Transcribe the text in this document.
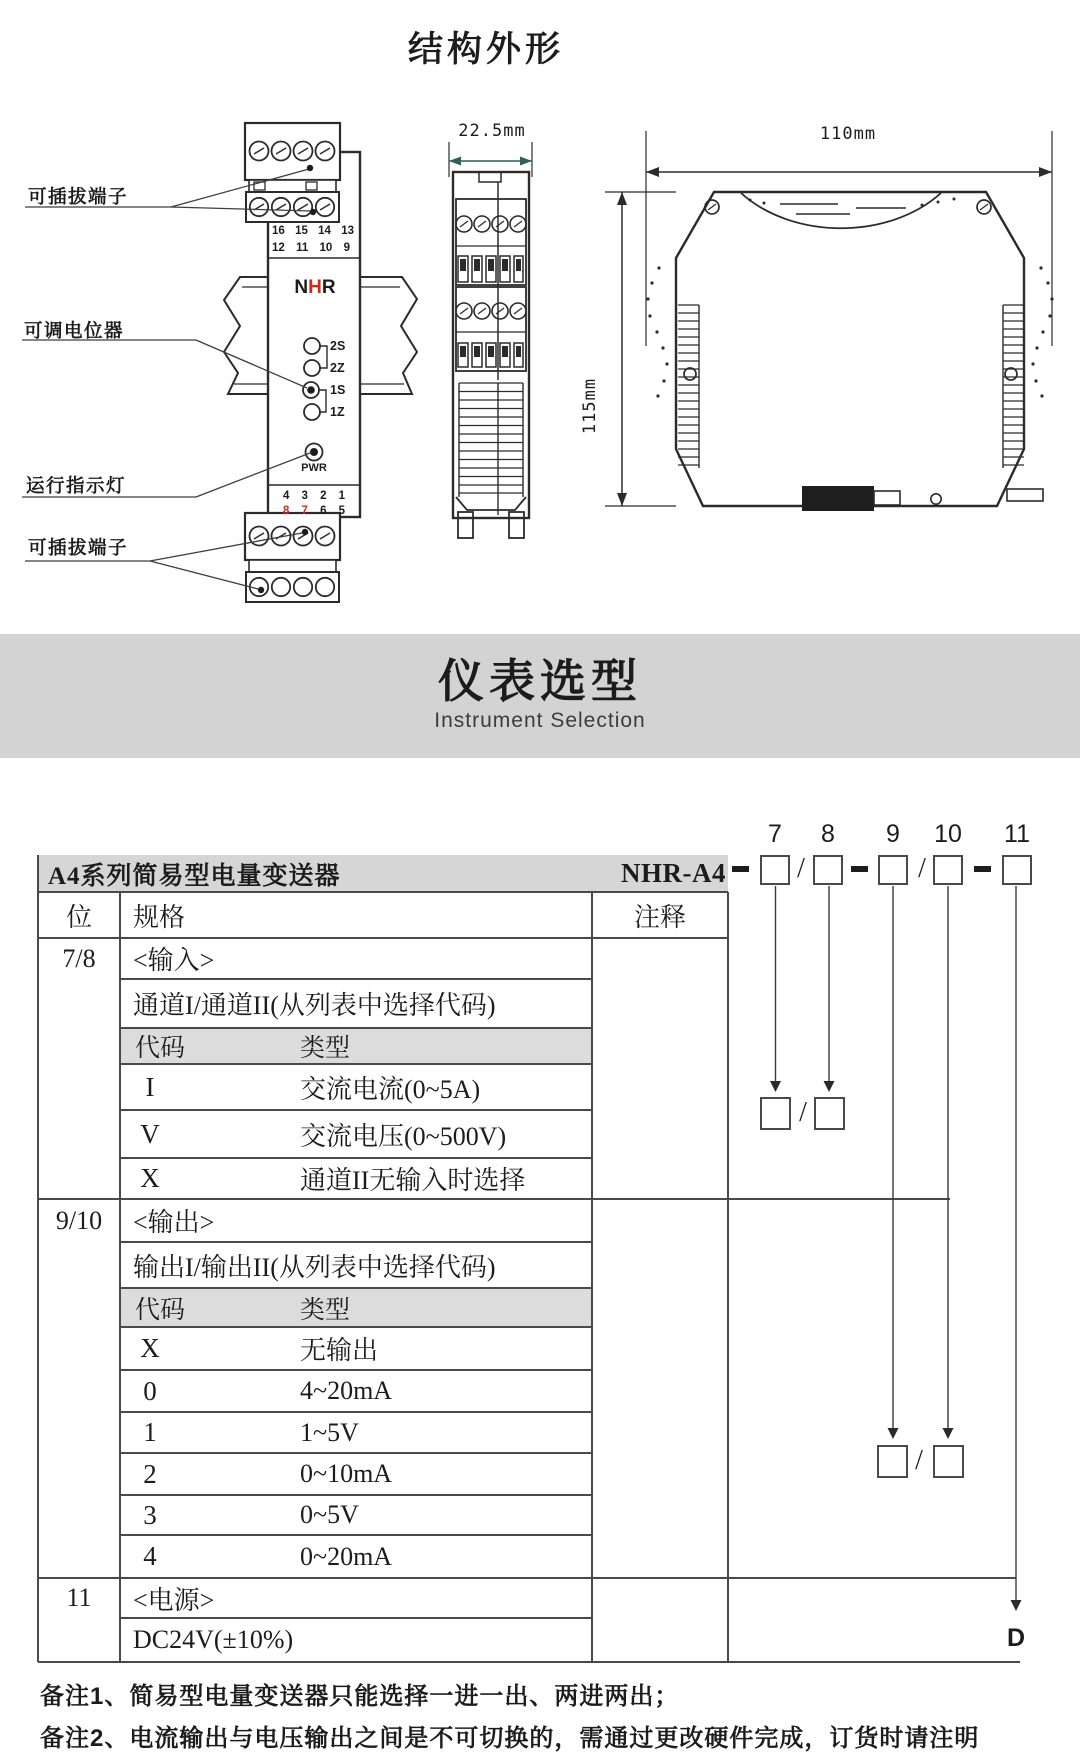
结构外形
可插拔端子
可调电位器
运行指示灯
可插拔端子
22.5mm	110mm
115mm
16 15 14 13
12 11 10 9
N H R
2S
2Z
1S
1Z
PWR
4 3 2 1
8 7 6 5
仪表选型
Instrument Selection
7	8	9	10 11
NHR-A4	/	/
/
/
D
A4系列简易型电量变送器
位	规格	注释
7/8	<输入>
通道I/通道II(从列表中选择代码)
代码	类型
I	交流电流(0~5A)
V	交流电压(0~500V)
X	通道II无输入时选择
9/10	<输出>
输出I/输出II(从列表中选择代码)
代码	类型
X	无输出
0	4~20mA
1	1~5V
2	0~10mA
3	0~5V
4	0~20mA
11	<电源>
DC24V(±10%)
备注1、简易型电量变送器只能选择一进一出、两进两出；
备注2、电流输出与电压输出之间是不可切换的，需通过更改硬件完成，订货时请注明
